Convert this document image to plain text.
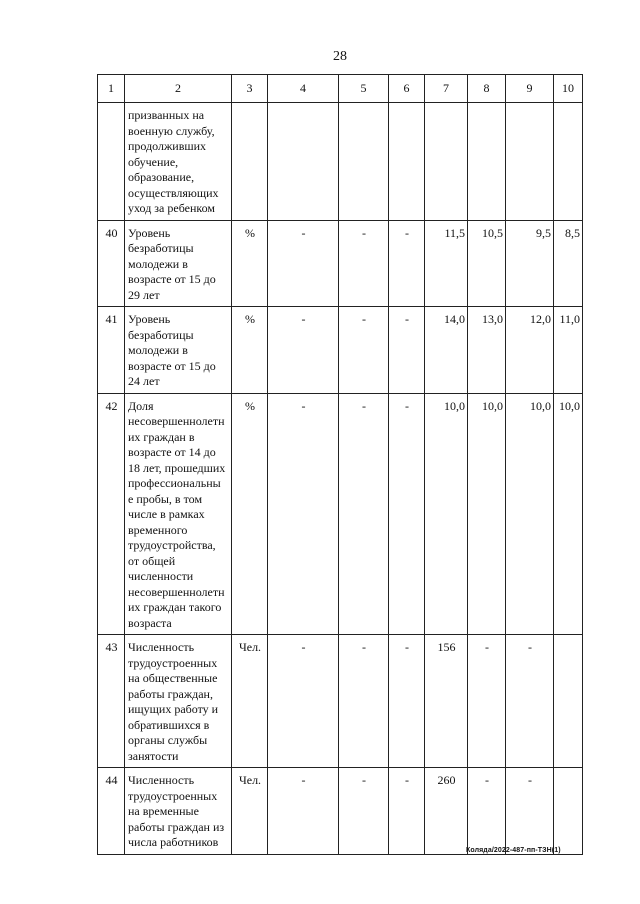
28
1	2	3	4	5	6	7	8	9	10
	призванных на военную службу, продолживших обучение, образование, осуществляющих уход за ребенком								
40	Уровень безработицы молодежи в возрасте от 15 до 29 лет	%	-	-	-	11,5	10,5	9,5	8,5
41	Уровень безработицы молодежи в возрасте от 15 до 24 лет	%	-	-	-	14,0	13,0	12,0	11,0
42	Доля несовершеннолетн их граждан в возрасте от 14 до 18 лет, прошедших профессиональны е пробы, в том числе в рамках временного трудоустройства, от общей численности несовершеннолетн их граждан такого возраста	%	-	-	-	10,0	10,0	10,0	10,0
43	Численность трудоустроенных на общественные работы граждан, ищущих работу и обратившихся в органы службы занятости	Чел.	-	-	-	156	-	-	
44	Численность трудоустроенных на временные работы граждан из числа работников	Чел.	-	-	-	260	-	-	
Коляда/2022-487-пп-ТЗН(1)
